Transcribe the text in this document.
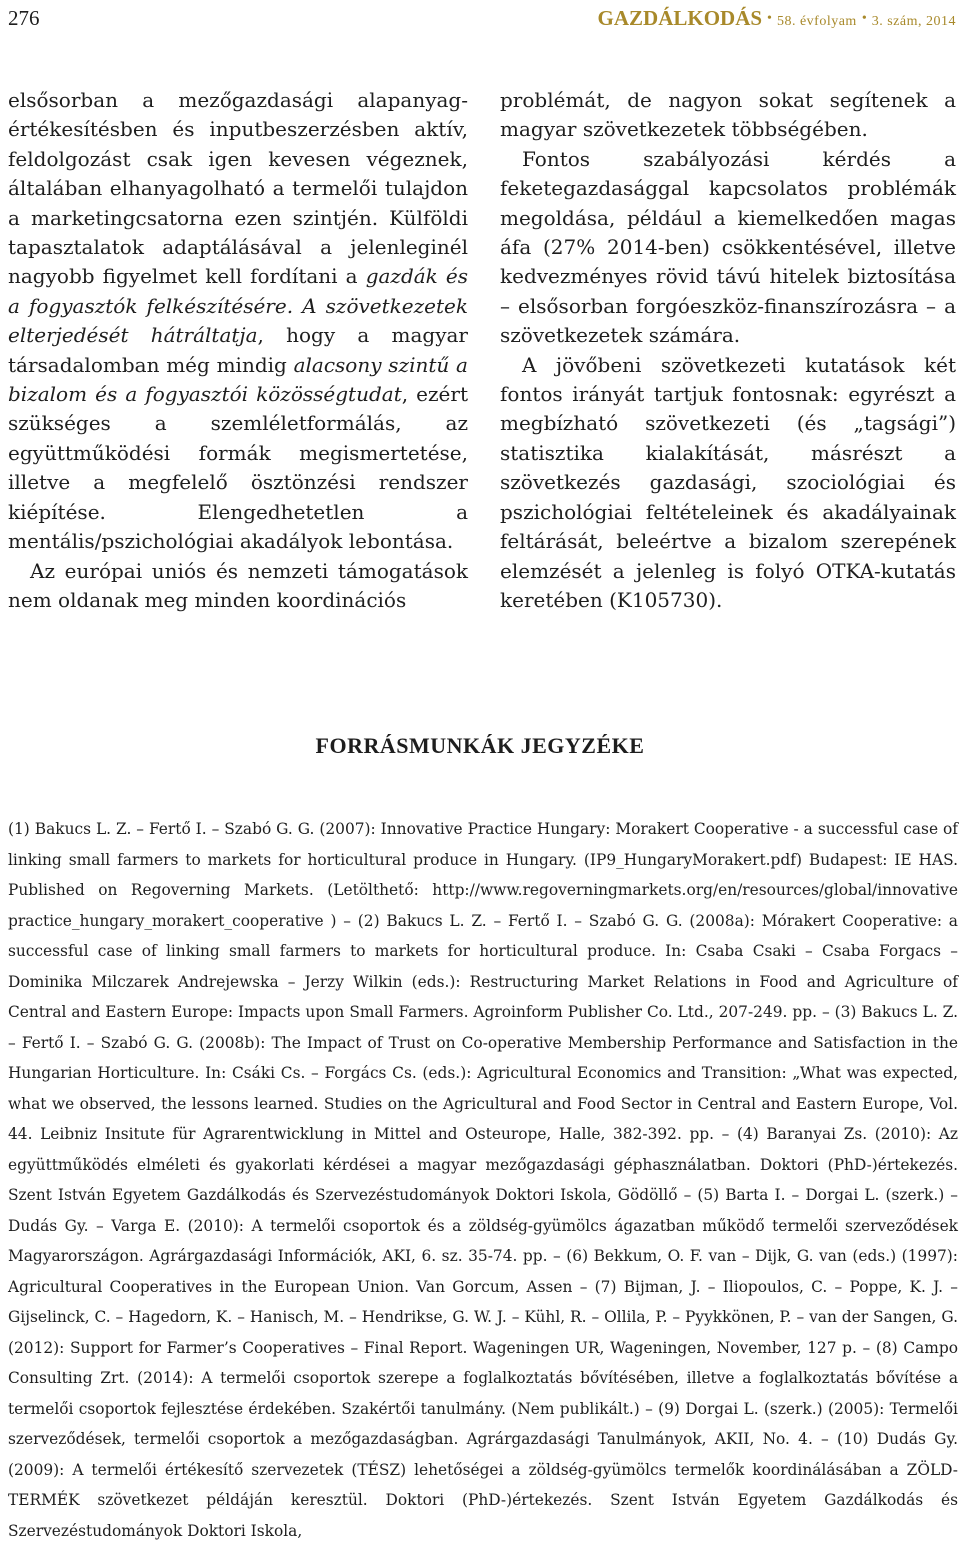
276	GAZDÁLKODÁS • 58. évfolyam • 3. szám, 2014

elsősorban a mezőgazdasági alapanyag-értékesítésben és inputbeszerzésben aktív, feldolgozást csak igen kevesen végeznek, általában elhanyagolható a termelői tulajdon a marketingcsatorna ezen szintjén. Külföldi tapasztalatok adaptálásával a jelenleginél nagyobb figyelmet kell fordítani a gazdák és a fogyasztók felkészítésére. A szövetkezetek elterjedését hátráltatja, hogy a magyar társadalomban még mindig alacsony szintű a bizalom és a fogyasztói közösségtudat, ezért szükséges a szemléletformálás, az együttműködési formák megismertetése, illetve a megfelelő ösztönzési rendszer kiépítése. Elengedhetetlen a mentális/pszichológiai akadályok lebontása.

Az európai uniós és nemzeti támogatások nem oldanak meg minden koordinációs

problémát, de nagyon sokat segítenek a magyar szövetkezetek többségében.

Fontos szabályozási kérdés a feketegazdasággal kapcsolatos problémák megoldása, például a kiemelkedően magas áfa (27% 2014-ben) csökkentésével, illetve kedvezményes rövid távú hitelek biztosítása – elsősorban forgóeszköz-finanszírozásra – a szövetkezetek számára.

A jövőbeni szövetkezeti kutatások két fontos irányát tartjuk fontosnak: egyrészt a megbízható szövetkezeti (és „tagsági”) statisztika kialakítását, másrészt a szövetkezés gazdasági, szociológiai és pszichológiai feltételeinek és akadályainak feltárását, beleértve a bizalom szerepének elemzését a jelenleg is folyó OTKA-kutatás keretében (K105730).

FORRÁSMUNKÁK JEGYZÉKE

(1) Bakucs L. Z. – Fertő I. – Szabó G. G. (2007): Innovative Practice Hungary: Morakert Cooperative - a successful case of linking small farmers to markets for horticultural produce in Hungary. (IP9_HungaryMorakert.pdf) Budapest: IE HAS. Published on Regoverning Markets. (Letölthető: http://www.regoverningmarkets.org/en/resources/global/innovative practice_hungary_morakert_cooperative ) – (2) Bakucs L. Z. – Fertő I. – Szabó G. G. (2008a): Mórakert Cooperative: a successful case of linking small farmers to markets for horticultural produce. In: Csaba Csaki – Csaba Forgacs – Dominika Milczarek Andrejewska – Jerzy Wilkin (eds.): Restructuring Market Relations in Food and Agriculture of Central and Eastern Europe: Impacts upon Small Farmers. Agroinform Publisher Co. Ltd., 207-249. pp. – (3) Bakucs L. Z. – Fertő I. – Szabó G. G. (2008b): The Impact of Trust on Co-operative Membership Performance and Satisfaction in the Hungarian Horticulture. In: Csáki Cs. – Forgács Cs. (eds.): Agricultural Economics and Transition: „What was expected, what we observed, the lessons learned. Studies on the Agricultural and Food Sector in Central and Eastern Europe, Vol. 44. Leibniz Insitute für Agrarentwicklung in Mittel and Osteurope, Halle, 382-392. pp. – (4) Baranyai Zs. (2010): Az együttműködés elméleti és gyakorlati kérdései a magyar mezőgazdasági géphasználatban. Doktori (PhD-)értekezés. Szent István Egyetem Gazdálkodás és Szervezéstudományok Doktori Iskola, Gödöllő – (5) Barta I. – Dorgai L. (szerk.) – Dudás Gy. – Varga E. (2010): A termelői csoportok és a zöldség-gyümölcs ágazatban működő termelői szerveződések Magyarországon. Agrárgazdasági Információk, AKI, 6. sz. 35-74. pp. – (6) Bekkum, O. F. van – Dijk, G. van (eds.) (1997): Agricultural Cooperatives in the European Union. Van Gorcum, Assen – (7) Bijman, J. – Iliopoulos, C. – Poppe, K. J. – Gijselinck, C. – Hagedorn, K. – Hanisch, M. – Hendrikse, G. W. J. – Kühl, R. – Ollila, P. – Pyykkönen, P. – van der Sangen, G. (2012): Support for Farmer’s Cooperatives – Final Report. Wageningen UR, Wageningen, November, 127 p. – (8) Campo Consulting Zrt. (2014): A termelői csoportok szerepe a foglalkoztatás bővítésében, illetve a foglalkoztatás bővítése a termelői csoportok fejlesztése érdekében. Szakértői tanulmány. (Nem publikált.) – (9) Dorgai L. (szerk.) (2005): Termelői szerveződések, termelői csoportok a mezőgazdaságban. Agrárgazdasági Tanulmányok, AKII, No. 4. – (10) Dudás Gy. (2009): A termelői értékesítő szervezetek (TÉSZ) lehetőségei a zöldség-gyümölcs termelők koordinálásában a ZÖLD-TERMÉK szövetkezet példáján keresztül. Doktori (PhD-)értekezés. Szent István Egyetem Gazdálkodás és Szervezéstudományok Doktori Iskola,
